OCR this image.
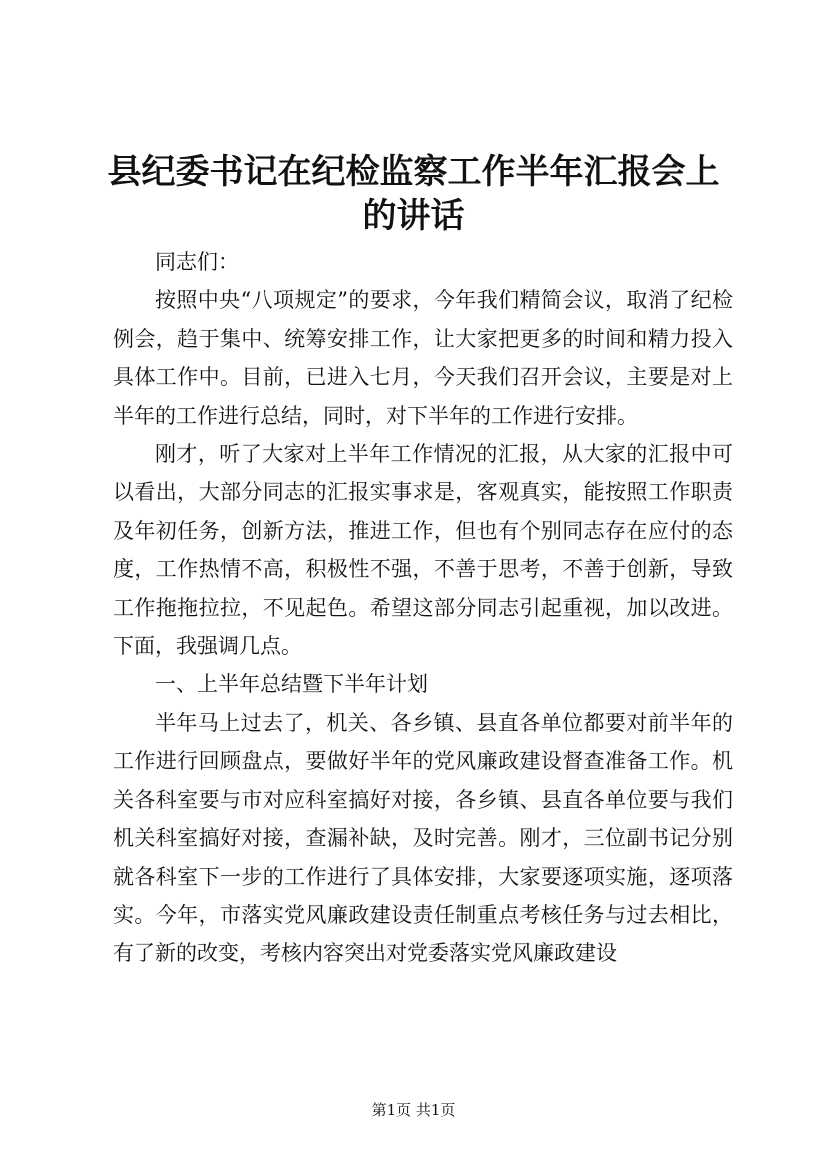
县纪委书记在纪检监察工作半年汇报会上的讲话

同志们：

按照中央“八项规定”的要求，今年我们精简会议，取消了纪检例会，趋于集中、统筹安排工作，让大家把更多的时间和精力投入具体工作中。目前，已进入七月，今天我们召开会议，主要是对上半年的工作进行总结，同时，对下半年的工作进行安排。

刚才，听了大家对上半年工作情况的汇报，从大家的汇报中可以看出，大部分同志的汇报实事求是，客观真实，能按照工作职责及年初任务，创新方法，推进工作，但也有个别同志存在应付的态度，工作热情不高，积极性不强，不善于思考，不善于创新，导致工作拖拖拉拉，不见起色。希望这部分同志引起重视，加以改进。下面，我强调几点。

一、上半年总结暨下半年计划

半年马上过去了，机关、各乡镇、县直各单位都要对前半年的工作进行回顾盘点，要做好半年的党风廉政建设督查准备工作。机关各科室要与市对应科室搞好对接，各乡镇、县直各单位要与我们机关科室搞好对接，查漏补缺，及时完善。刚才，三位副书记分别就各科室下一步的工作进行了具体安排，大家要逐项实施，逐项落实。今年，市落实党风廉政建设责任制重点考核任务与过去相比，有了新的改变，考核内容突出对党委落实党风廉政建设

第1页 共1页
